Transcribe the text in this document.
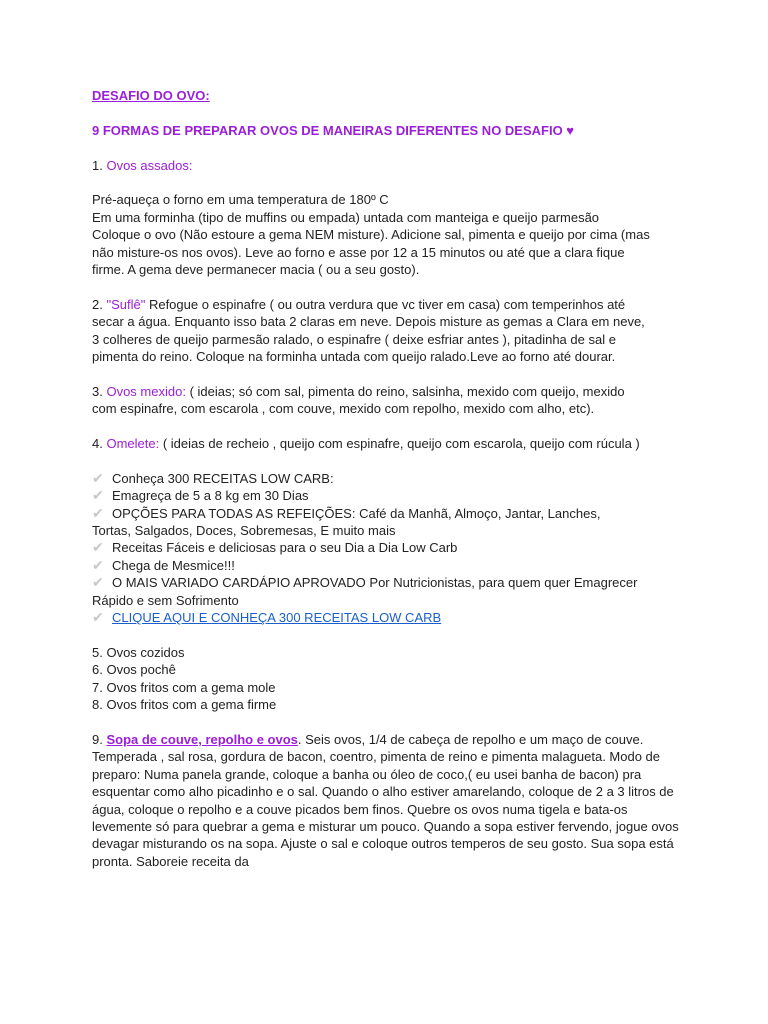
DESAFIO DO OVO:
9 FORMAS DE PREPARAR OVOS DE MANEIRAS DIFERENTES NO DESAFIO ♥
1. Ovos assados:
Pré-aqueça o forno em uma temperatura de 180º C
Em uma forminha (tipo de muffins ou empada) untada com manteiga e queijo parmesão
Coloque o ovo (Não estoure a gema NEM misture). Adicione sal, pimenta e queijo por cima (mas
não misture-os nos ovos). Leve ao forno e asse por 12 a 15 minutos ou até que a clara fique
firme. A gema deve permanecer macia ( ou a seu gosto).
2. "Suflê" Refogue o espinafre ( ou outra verdura que vc tiver em casa) com temperinhos até
secar a água. Enquanto isso bata 2 claras em neve. Depois misture as gemas a Clara em neve,
3 colheres de queijo parmesão ralado, o espinafre ( deixe esfriar antes ), pitadinha de sal e
pimenta do reino. Coloque na forminha untada com queijo ralado.Leve ao forno até dourar.
3. Ovos mexido: ( ideias; só com sal, pimenta do reino, salsinha, mexido com queijo, mexido
com espinafre, com escarola , com couve, mexido com repolho, mexido com alho, etc).
4. Omelete: ( ideias de recheio , queijo com espinafre, queijo com escarola, queijo com rúcula )
✔ Conheça 300 RECEITAS LOW CARB:
✔ Emagreça de 5 a 8 kg em 30 Dias
✔ OPÇÕES PARA TODAS AS REFEIÇÕES: Café da Manhã, Almoço, Jantar, Lanches,
Tortas, Salgados, Doces, Sobremesas, E muito mais
✔ Receitas Fáceis e deliciosas para o seu Dia a Dia Low Carb
✔ Chega de Mesmice!!!
✔ O MAIS VARIADO CARDÁPIO APROVADO Por Nutricionistas, para quem quer Emagrecer
Rápido e sem Sofrimento
✔ CLIQUE AQUI E CONHEÇA 300 RECEITAS LOW CARB
5. Ovos cozidos
6. Ovos pochê
7. Ovos fritos com a gema mole
8. Ovos fritos com a gema firme
9. Sopa de couve, repolho e ovos. Seis ovos, 1/4 de cabeça de repolho e um maço de couve.
Temperada , sal rosa, gordura de bacon, coentro, pimenta de reino e pimenta malagueta. Modo de
preparo: Numa panela grande, coloque a banha ou óleo de coco,( eu usei banha de bacon) pra
esquentar como alho picadinho e o sal. Quando o alho estiver amarelando, coloque de 2 a 3 litros de
água, coloque o repolho e a couve picados bem finos. Quebre os ovos numa tigela e bata-os
levemente só para quebrar a gema e misturar um pouco. Quando a sopa estiver fervendo, jogue ovos
devagar misturando os na sopa. Ajuste o sal e coloque outros temperos de seu gosto. Sua sopa está
pronta. Saboreie receita da
